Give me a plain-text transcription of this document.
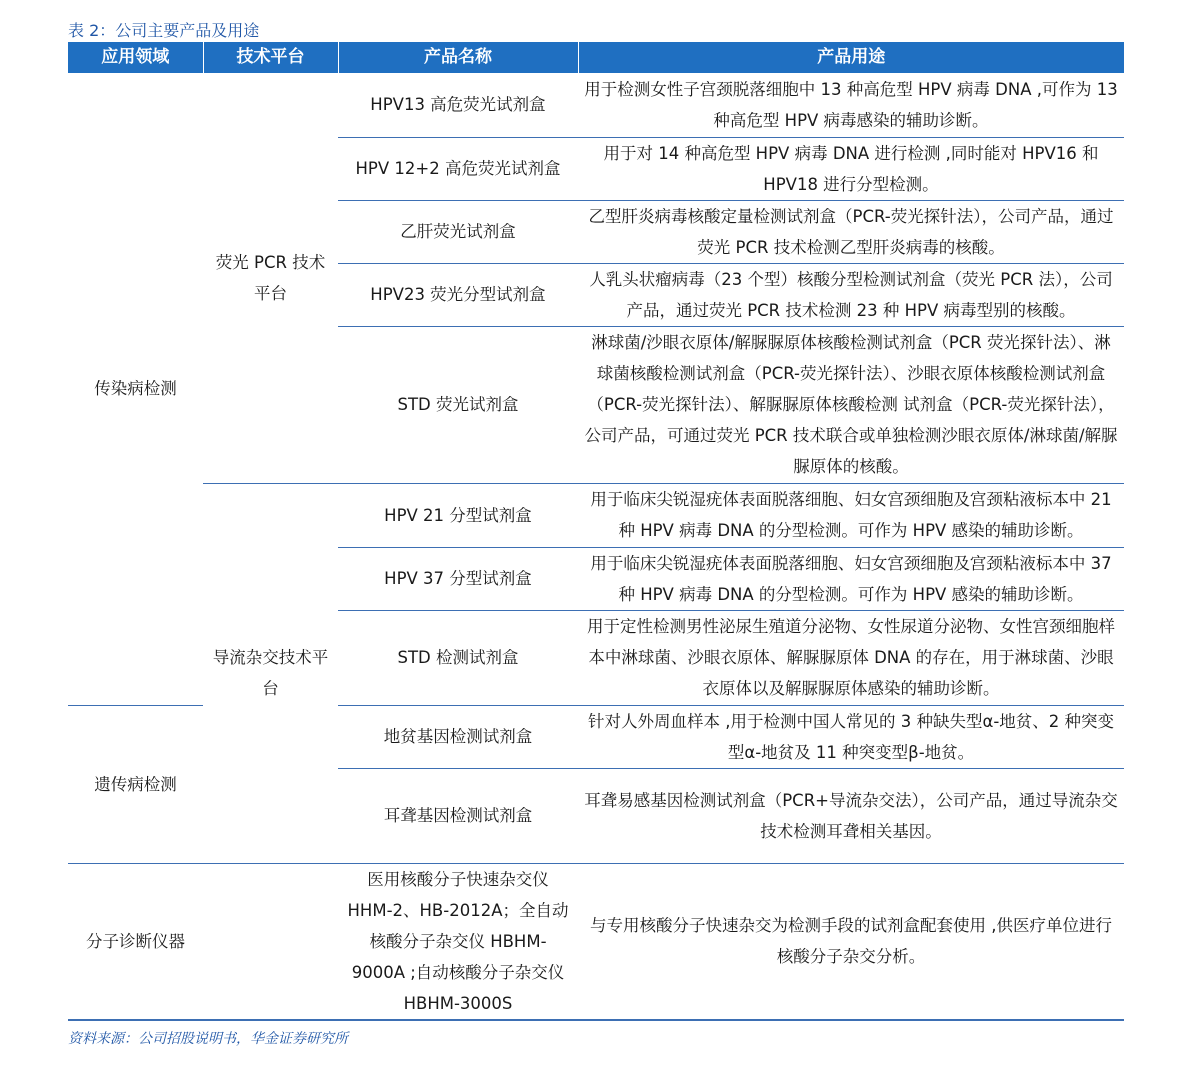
表 2：公司主要产品及用途
应用领域	技术平台	产品名称	产品用途
传染病检测	荧光 PCR 技术平台	HPV13 高危荧光试剂盒	用于检测女性子宫颈脱落细胞中 13 种高危型 HPV 病毒 DNA ,可作为 13 种高危型 HPV 病毒感染的辅助诊断。
		HPV 12+2 高危荧光试剂盒	用于对 14 种高危型 HPV 病毒 DNA 进行检测 ,同时能对 HPV16 和 HPV18 进行分型检测。
		乙肝荧光试剂盒	乙型肝炎病毒核酸定量检测试剂盒（PCR-荧光探针法），公司产品，通过荧光 PCR 技术检测乙型肝炎病毒的核酸。
		HPV23 荧光分型试剂盒	人乳头状瘤病毒（23 个型）核酸分型检测试剂盒（荧光 PCR 法），公司产品，通过荧光 PCR 技术检测 23 种 HPV 病毒型别的核酸。
		STD 荧光试剂盒	淋球菌/沙眼衣原体/解脲脲原体核酸检测试剂盒（PCR 荧光探针法）、淋球菌核酸检测试剂盒（PCR-荧光探针法）、沙眼衣原体核酸检测试剂盒（PCR-荧光探针法）、解脲脲原体核酸检测 试剂盒（PCR-荧光探针法），公司产品，可通过荧光 PCR 技术联合或单独检测沙眼衣原体/淋球菌/解脲脲原体的核酸。
	导流杂交技术平台	HPV 21 分型试剂盒	用于临床尖锐湿疣体表面脱落细胞、妇女宫颈细胞及宫颈粘液标本中 21 种 HPV 病毒 DNA 的分型检测。可作为 HPV 感染的辅助诊断。
		HPV 37 分型试剂盒	用于临床尖锐湿疣体表面脱落细胞、妇女宫颈细胞及宫颈粘液标本中 37 种 HPV 病毒 DNA 的分型检测。可作为 HPV 感染的辅助诊断。
		STD 检测试剂盒	用于定性检测男性泌尿生殖道分泌物、女性尿道分泌物、女性宫颈细胞样本中淋球菌、沙眼衣原体、解脲脲原体 DNA 的存在，用于淋球菌、沙眼衣原体以及解脲脲原体感染的辅助诊断。
遗传病检测		地贫基因检测试剂盒	针对人外周血样本 ,用于检测中国人常见的 3 种缺失型α-地贫、2 种突变型α-地贫及 11 种突变型β-地贫。
		耳聋基因检测试剂盒	耳聋易感基因检测试剂盒（PCR+导流杂交法），公司产品，通过导流杂交技术检测耳聋相关基因。
分子诊断仪器		医用核酸分子快速杂交仪 HHM-2、HB-2012A；全自动核酸分子杂交仪 HBHM-9000A ;自动核酸分子杂交仪 HBHM-3000S	与专用核酸分子快速杂交为检测手段的试剂盒配套使用 ,供医疗单位进行核酸分子杂交分析。
资料来源：公司招股说明书，华金证券研究所
